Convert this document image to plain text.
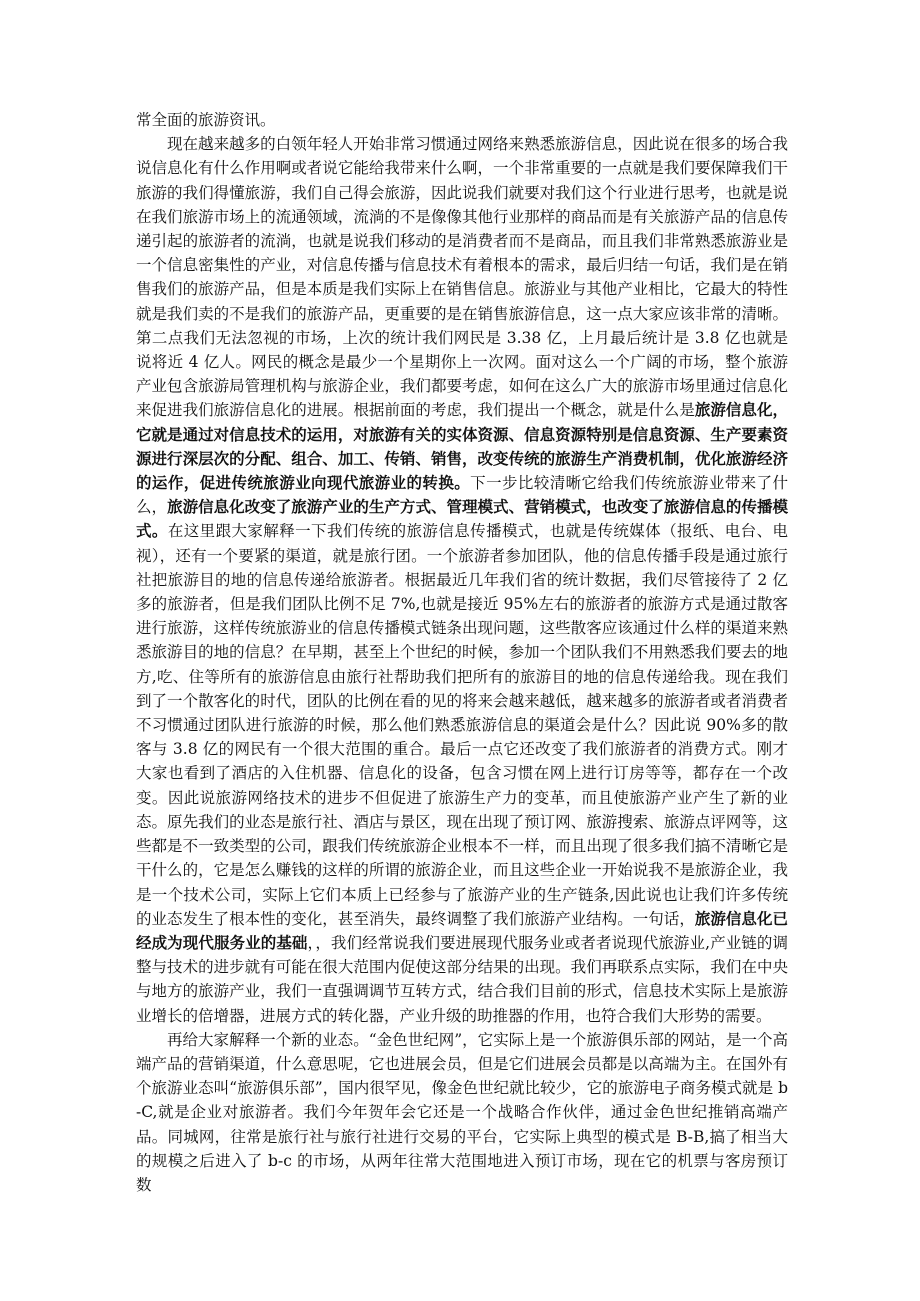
常全面的旅游资讯。

现在越来越多的白领年轻人开始非常习惯通过网络来熟悉旅游信息，因此说在很多的场合我说信息化有什么作用啊或者说它能给我带来什么啊，一个非常重要的一点就是我们要保障我们干旅游的我们得懂旅游，我们自己得会旅游，因此说我们就要对我们这个行业进行思考，也就是说在我们旅游市场上的流通领域，流淌的不是像像其他行业那样的商品而是有关旅游产品的信息传递引起的旅游者的流淌，也就是说我们移动的是消费者而不是商品，而且我们非常熟悉旅游业是一个信息密集性的产业，对信息传播与信息技术有着根本的需求，最后归结一句话，我们是在销售我们的旅游产品，但是本质是我们实际上在销售信息。旅游业与其他产业相比，它最大的特性就是我们卖的不是我们的旅游产品，更重要的是在销售旅游信息，这一点大家应该非常的清晰。第二点我们无法忽视的市场，上次的统计我们网民是 3.38 亿，上月最后统计是 3.8 亿也就是说将近 4 亿人。网民的概念是最少一个星期你上一次网。面对这么一个广阔的市场，整个旅游产业包含旅游局管理机构与旅游企业，我们都要考虑，如何在这么广大的旅游市场里通过信息化来促进我们旅游信息化的进展。根据前面的考虑，我们提出一个概念，就是什么是旅游信息化，它就是通过对信息技术的运用，对旅游有关的实体资源、信息资源特别是信息资源、生产要素资源进行深层次的分配、组合、加工、传销、销售，改变传统的旅游生产消费机制，优化旅游经济的运作，促进传统旅游业向现代旅游业的转换。下一步比较清晰它给我们传统旅游业带来了什么，旅游信息化改变了旅游产业的生产方式、管理模式、营销模式，也改变了旅游信息的传播模式。在这里跟大家解释一下我们传统的旅游信息传播模式，也就是传统媒体（报纸、电台、电视），还有一个要紧的渠道，就是旅行团。一个旅游者参加团队，他的信息传播手段是通过旅行社把旅游目的地的信息传递给旅游者。根据最近几年我们省的统计数据，我们尽管接待了 2 亿多的旅游者，但是我们团队比例不足 7%,也就是接近 95%左右的旅游者的旅游方式是通过散客进行旅游，这样传统旅游业的信息传播模式链条出现问题，这些散客应该通过什么样的渠道来熟悉旅游目的地的信息？在早期，甚至上个世纪的时候，参加一个团队我们不用熟悉我们要去的地方,吃、住等所有的旅游信息由旅行社帮助我们把所有的旅游目的地的信息传递给我。现在我们到了一个散客化的时代，团队的比例在看的见的将来会越来越低，越来越多的旅游者或者消费者不习惯通过团队进行旅游的时候，那么他们熟悉旅游信息的渠道会是什么？因此说 90%多的散客与 3.8 亿的网民有一个很大范围的重合。最后一点它还改变了我们旅游者的消费方式。刚才大家也看到了酒店的入住机器、信息化的设备，包含习惯在网上进行订房等等，都存在一个改变。因此说旅游网络技术的进步不但促进了旅游生产力的变革，而且使旅游产业产生了新的业态。原先我们的业态是旅行社、酒店与景区，现在出现了预订网、旅游搜索、旅游点评网等，这些都是不一致类型的公司，跟我们传统旅游企业根本不一样，而且出现了很多我们搞不清晰它是干什么的，它是怎么赚钱的这样的所谓的旅游企业，而且这些企业一开始说我不是旅游企业，我是一个技术公司，实际上它们本质上已经参与了旅游产业的生产链条,因此说也让我们许多传统的业态发生了根本性的变化，甚至消失，最终调整了我们旅游产业结构。一句话，旅游信息化已经成为现代服务业的基础，，我们经常说我们要进展现代服务业或者者说现代旅游业,产业链的调整与技术的进步就有可能在很大范围内促使这部分结果的出现。我们再联系点实际，我们在中央与地方的旅游产业，我们一直强调调节互转方式，结合我们目前的形式，信息技术实际上是旅游业增长的倍增器，进展方式的转化器，产业升级的助推器的作用，也符合我们大形势的需要。

再给大家解释一个新的业态。“金色世纪网”，它实际上是一个旅游俱乐部的网站，是一个高端产品的营销渠道，什么意思呢，它也进展会员，但是它们进展会员都是以高端为主。在国外有个旅游业态叫“旅游俱乐部”，国内很罕见，像金色世纪就比较少，它的旅游电子商务模式就是 b-C,就是企业对旅游者。我们今年贺年会它还是一个战略合作伙伴，通过金色世纪推销高端产品。同城网，往常是旅行社与旅行社进行交易的平台，它实际上典型的模式是 B-B,搞了相当大的规模之后进入了 b-c 的市场，从两年往常大范围地进入预订市场，现在它的机票与客房预订数
